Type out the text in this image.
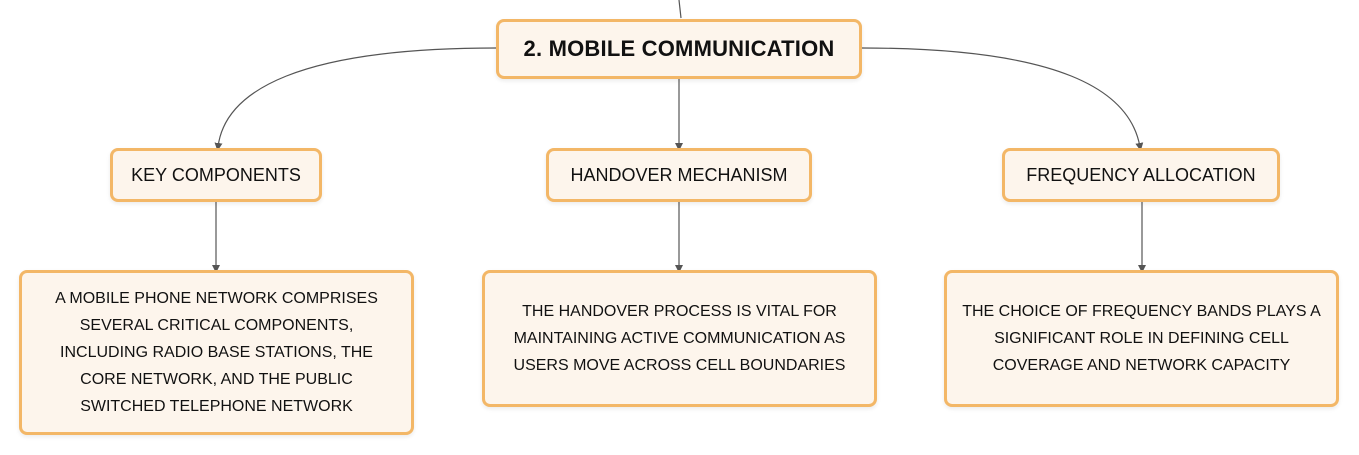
2. MOBILE COMMUNICATION
KEY COMPONENTS	HANDOVER MECHANISM	FREQUENCY ALLOCATION
A MOBILE PHONE NETWORK COMPRISES SEVERAL CRITICAL COMPONENTS, INCLUDING RADIO BASE STATIONS, THE CORE NETWORK, AND THE PUBLIC SWITCHED TELEPHONE NETWORK
THE HANDOVER PROCESS IS VITAL FOR MAINTAINING ACTIVE COMMUNICATION AS USERS MOVE ACROSS CELL BOUNDARIES
THE CHOICE OF FREQUENCY BANDS PLAYS A SIGNIFICANT ROLE IN DEFINING CELL COVERAGE AND NETWORK CAPACITY
